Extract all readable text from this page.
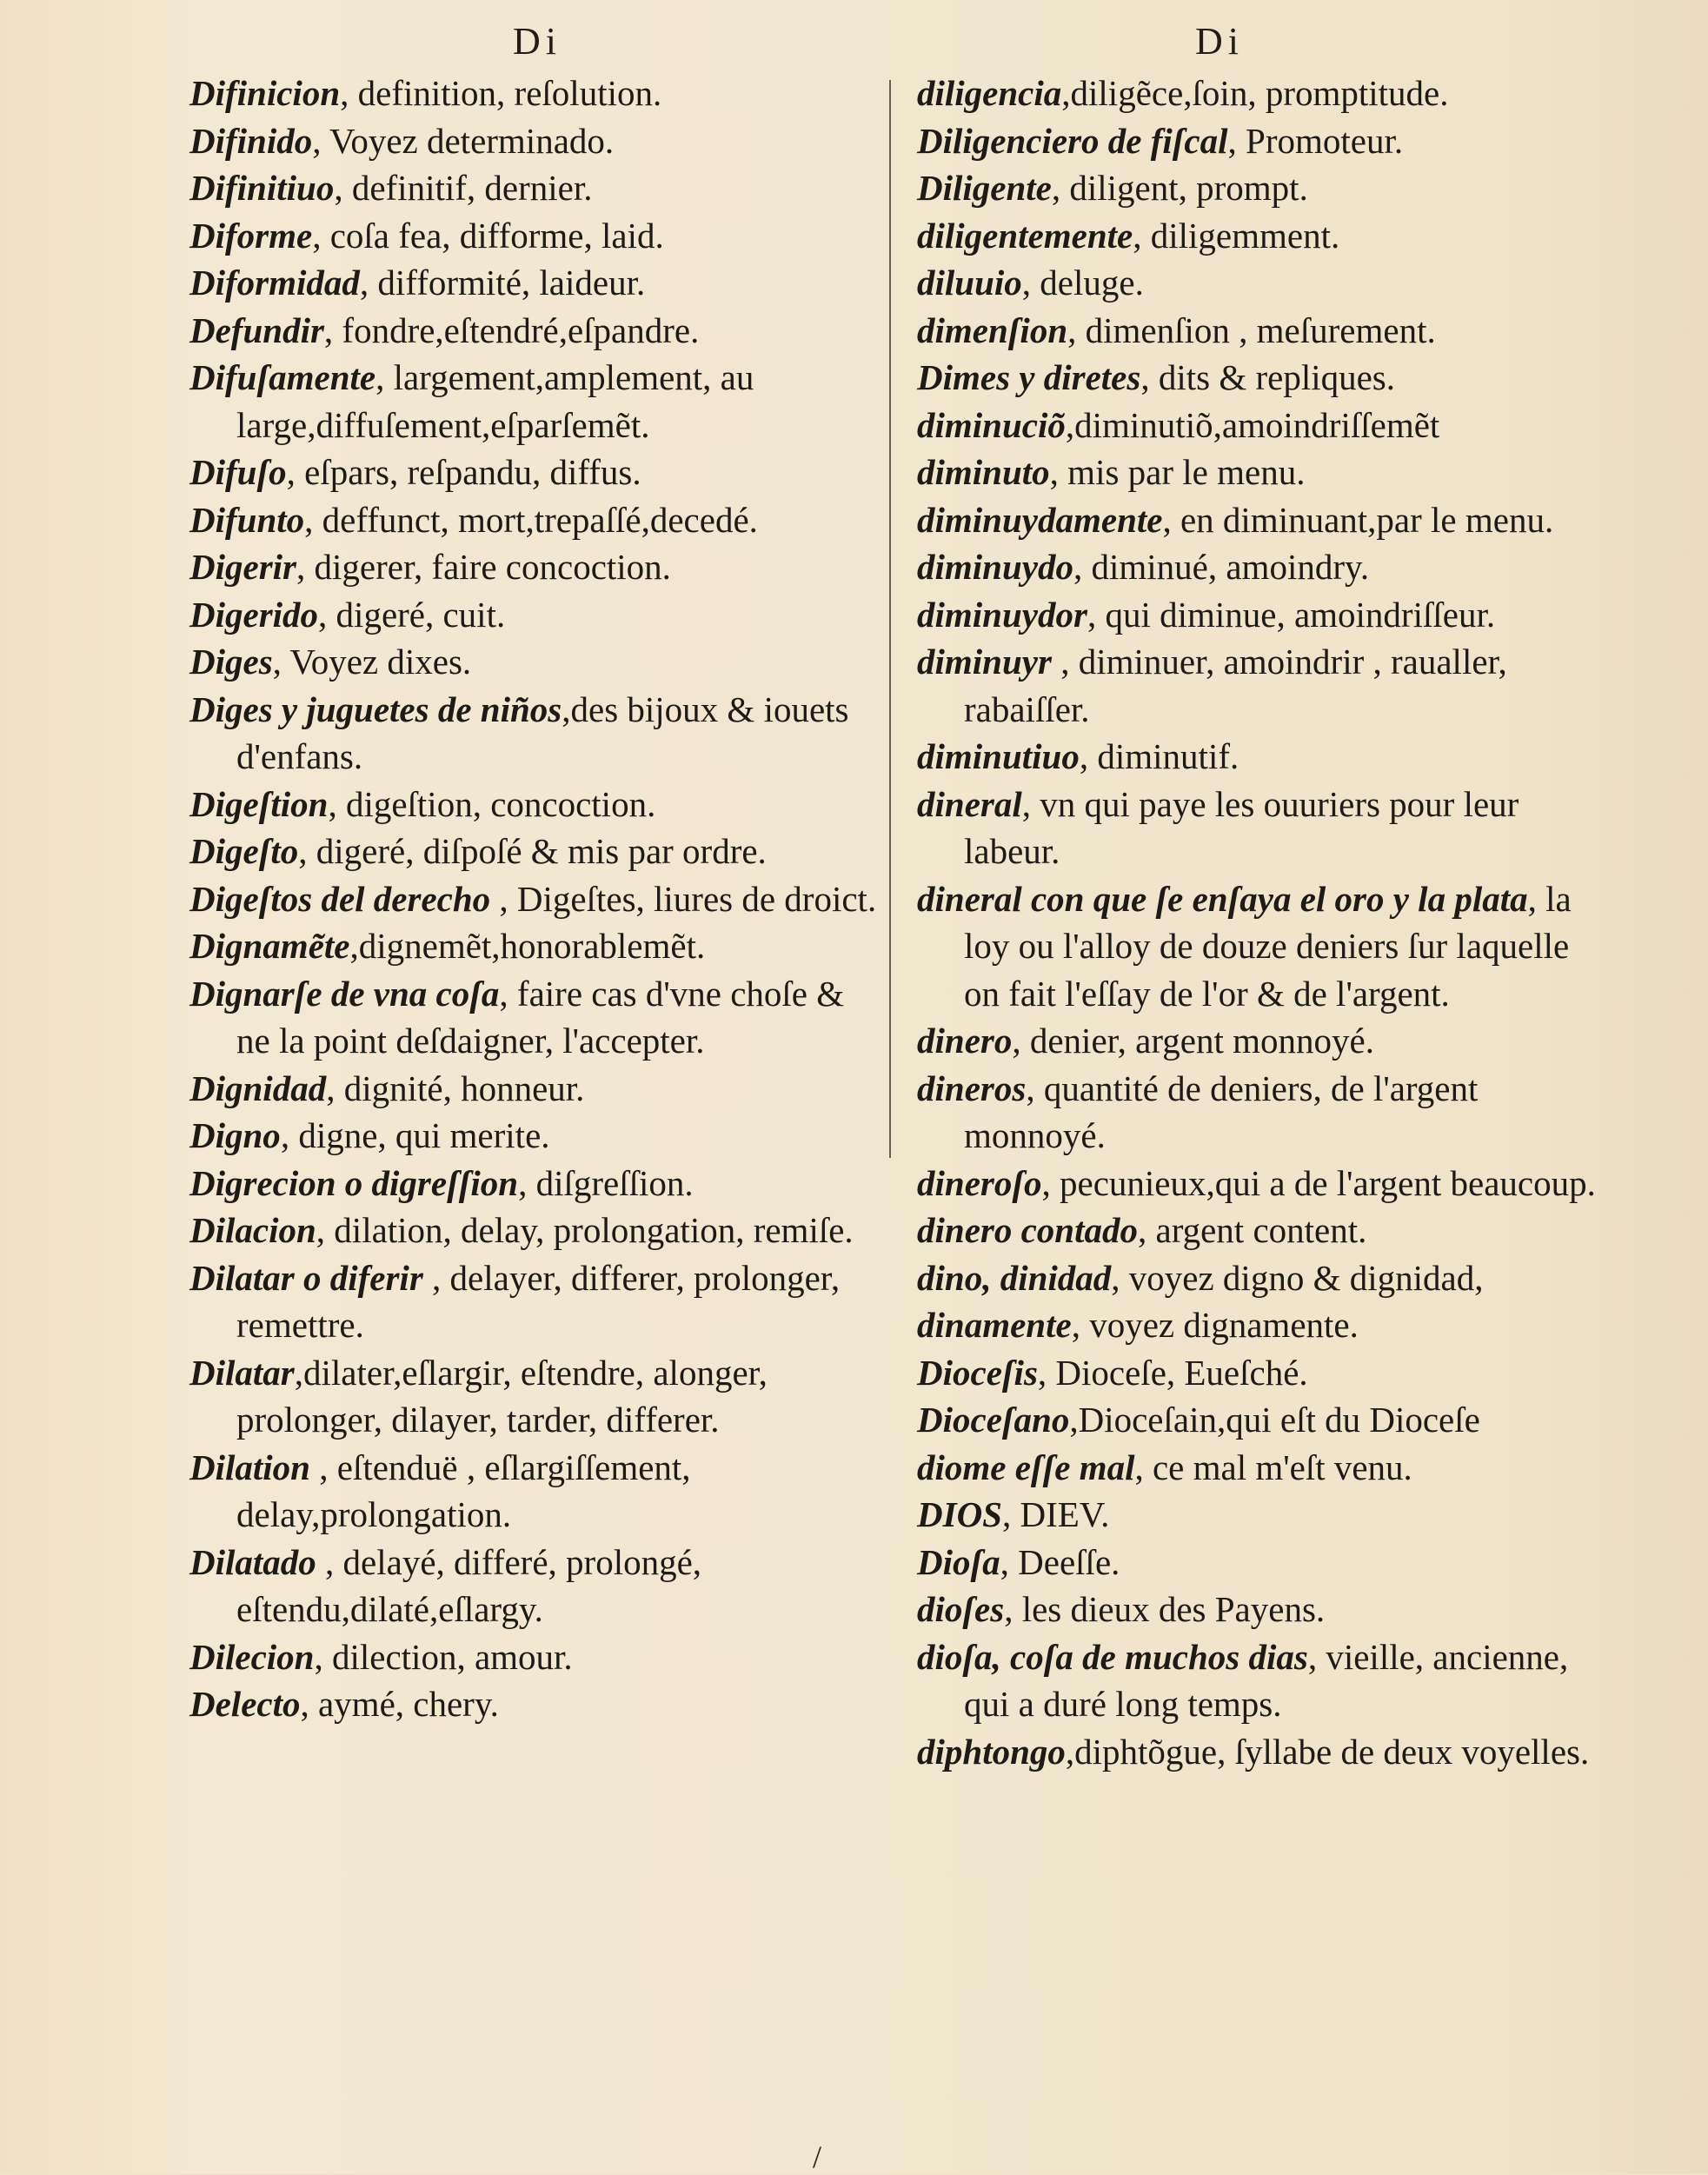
Di	Di

Difinicion, definition, reſolution.

Difinido, Voyez determinado.

Difinitiuo, definitif, dernier.

Diforme, coſa fea, difforme, laid.

Diformidad, difformité, laideur.

Defundir, fondre,eſtendré,eſpandre.

Difuſamente, largement,amplement, au large,diffuſement,eſparſemẽt.

Difuſo, eſpars, reſpandu, diffus.

Difunto, deffunct, mort,trepaſſé,decedé.

Digerir, digerer, faire concoction.

Digerido, digeré, cuit.

Diges, Voyez dixes.

Diges y juguetes de niños,des bijoux & iouets d'enfans.

Digeſtion, digeſtion, concoction.

Digeſto, digeré, diſpoſé & mis par ordre.

Digeſtos del derecho , Digeſtes, liures de droict.

Dignamẽte,dignemẽt,honorablemẽt.

Dignarſe de vna coſa, faire cas d'vne choſe & ne la point deſdaigner, l'accepter.

Dignidad, dignité, honneur.

Digno, digne, qui merite.

Digrecion o digreſſion, diſgreſſion.

Dilacion, dilation, delay, prolongation, remiſe.

Dilatar o diferir , delayer, differer, prolonger, remettre.

Dilatar,dilater,eſlargir, eſtendre, alonger, prolonger, dilayer, tarder, differer.

Dilation , eſtenduë , eſlargiſſement, delay,prolongation.

Dilatado , delayé, differé, prolongé, eſtendu,dilaté,eſlargy.

Dilecion, dilection, amour.

Delecto, aymé, chery.

diligencia,diligẽce,ſoin, promptitude.

Diligenciero de fiſcal, Promoteur.

Diligente, diligent, prompt.

diligentemente, diligemment.

diluuio, deluge.

dimenſion, dimenſion , meſurement.

Dimes y diretes, dits & repliques.

diminuciõ,diminutiõ,amoindriſſemẽt

diminuto, mis par le menu.

diminuydamente, en diminuant,par le menu.

diminuydo, diminué, amoindry.

diminuydor, qui diminue, amoindriſſeur.

diminuyr , diminuer, amoindrir , raualler, rabaiſſer.

diminutiuo, diminutif.

dineral, vn qui paye les ouuriers pour leur labeur.

dineral con que ſe enſaya el oro y la plata, la loy ou l'alloy de douze deniers ſur laquelle on fait l'eſſay de l'or & de l'argent.

dinero, denier, argent monnoyé.

dineros, quantité de deniers, de l'argent monnoyé.

dineroſo, pecunieux,qui a de l'argent beaucoup.

dinero contado, argent content.

dino, dinidad, voyez digno & dignidad,

dinamente, voyez dignamente.

Dioceſis, Dioceſe, Eueſché.

Dioceſano,Dioceſain,qui eſt du Dioceſe

diome eſſe mal, ce mal m'eſt venu.

DIOS, DIEV.

Dioſa, Deeſſe.

dioſes, les dieux des Payens.

dioſa, coſa de muchos dias, vieille, ancienne, qui a duré long temps.

diphtongo,diphtõgue, ſyllabe de deux voyelles.

/
